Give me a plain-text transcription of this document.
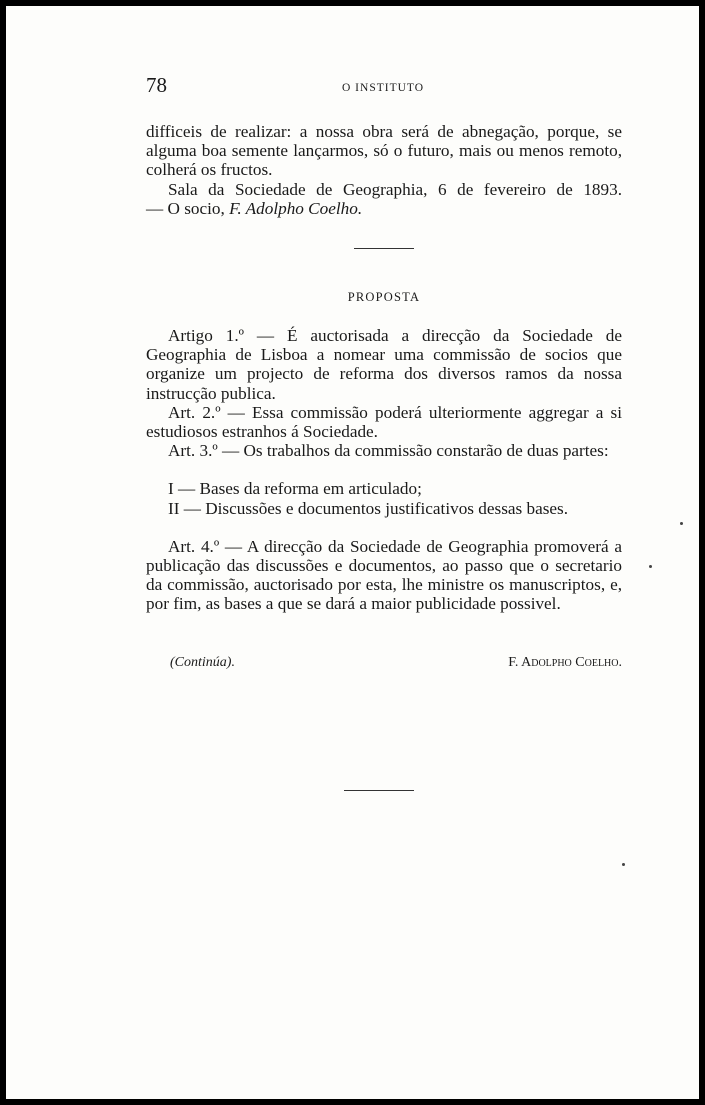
78	O INSTITUTO

difficeis de realizar: a nossa obra será de abnegação, porque, se alguma boa semente lançarmos, só o futuro, mais ou menos remoto, colherá os fructos.

Sala da Sociedade de Geographia, 6 de fevereiro de 1893.

— O socio, F. Adolpho Coelho.

PROPOSTA

Artigo 1.º — É auctorisada a direcção da Sociedade de Geographia de Lisboa a nomear uma commissão de socios que organize um projecto de reforma dos diversos ramos da nossa instrucção publica.

Art. 2.º — Essa commissão poderá ulteriormente aggregar a si estudiosos estranhos á Sociedade.

Art. 3.º — Os trabalhos da commissão constarão de duas partes:

I — Bases da reforma em articulado;

II — Discussões e documentos justificativos dessas bases.

Art. 4.º — A direcção da Sociedade de Geographia promoverá a publicação das discussões e documentos, ao passo que o secretario da commissão, auctorisado por esta, lhe ministre os manuscriptos, e, por fim, as bases a que se dará a maior publicidade possivel.

(Continúa).	F. Adolpho Coelho.
